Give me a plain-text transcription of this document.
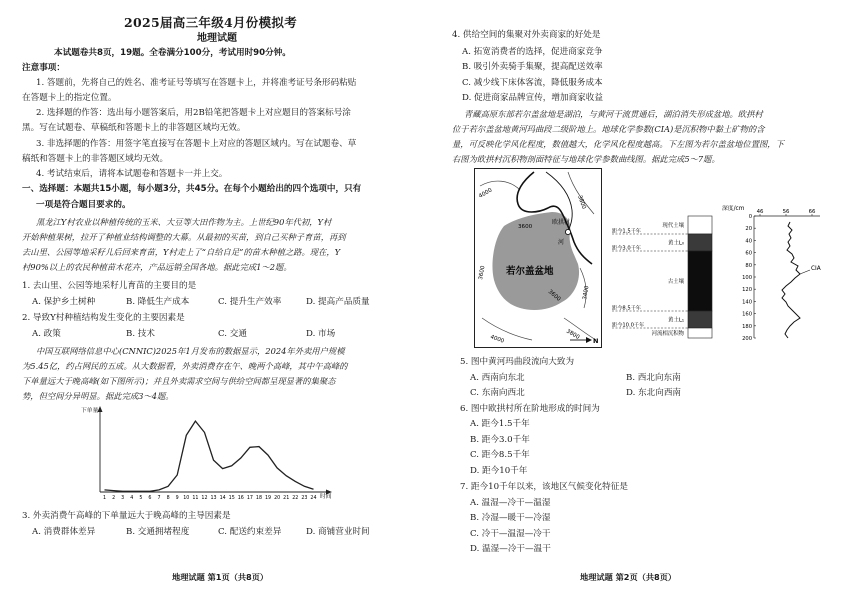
2025届高三年级4月份模拟考
地理试题
本试题卷共8页，19题。全卷满分100分，考试用时90分钟。
注意事项：
1. 答题前，先将自己的姓名、准考证号等填写在答题卡上，并将准考证号条形码粘贴
在答题卡上的指定位置。
2. 选择题的作答：选出每小题答案后，用2B铅笔把答题卡上对应题目的答案标号涂
黑。写在试题卷、草稿纸和答题卡上的非答题区域均无效。
3. 非选择题的作答：用签字笔直接写在答题卡上对应的答题区域内。写在试题卷、草
稿纸和答题卡上的非答题区域均无效。
4. 考试结束后，请将本试题卷和答题卡一并上交。
一、选择题：本题共15小题，每小题3分，共45分。在每个小题给出的四个选项中，只有
一项是符合题目要求的。
黑龙江Y村农业以种植传统的玉米、大豆等大田作物为主。上世纪90年代初，Y村
开始种植果树，拉开了种植业结构调整的大幕。从最初的买苗，到自己买种子育苗，再到
去山里、公园等地采籽儿后回来育苗，Y村走上了“自给自足”的苗木种植之路。现在，Y
村90%以上的农民种植苗木花卉，产品远销全国各地。据此完成1～2题。
1. 去山里、公园等地采籽儿育苗的主要目的是
A. 保护乡土树种	B. 降低生产成本	C. 提升生产效率	D. 提高产品质量
2. 导致Y村种植结构发生变化的主要因素是
A. 政策	B. 技术	C. 交通	D. 市场
中国互联网络信息中心(CNNIC)2025年1月发布的数据显示，2024年外卖用户规模
为5.45亿，约占网民的五成。从大数据看，外卖消费存在午、晚两个高峰，其中午高峰的
下单量远大于晚高峰(如下图所示)；并且外卖需求空间与供给空间都呈现显著的集聚态
势，但空间分异明显。据此完成3～4题。
下单量
时间
1 2 3 4 5 6 7 8 9 10 11 12 13 14 15 16 17 18 19 20 21 22 23 24
3. 外卖消费午高峰的下单量远大于晚高峰的主导因素是
A. 消费群体差异	B. 交通拥堵程度	C. 配送约束差异	D. 商铺营业时间
地理试题 第1页（共8页）
4. 供给空间的集聚对外卖商家的好处是
A. 拓宽消费者的选择，促进商家竞争
B. 吸引外卖骑手集聚，提高配送效率
C. 减少线下床体客流，降低服务成本
D. 促进商家品牌宣传，增加商家收益
青藏高原东部若尔盖盆地是湖泊，与黄河干流贯通后，湖泊消失形成盆地。欧拱村
位于若尔盖盆地黄河玛曲段二级阶地上。地球化学参数(CIA)是沉积物中黏土矿物的含
量，可反映化学风化程度，数值越大，化学风化程度越高。下左图为若尔盖盆地位置图，下
右图为欧拱村沉积物剖面特征与地球化学参数曲线图。据此完成5～7题。
欧拱村
3600
河
4000
3800
3600
3600	3400
4000	3800
若尔盖盆地
N
深度/cm 46	56	66
0
20
40
60
80
100
120
140
160
180
200
现代土壤
黄土L₀
古土壤
黄土L₁
河流相沉积物
距今1.5千年
距今3.0千年
距今8.5千年
距今10.0千年
CIA
5. 图中黄河玛曲段流向大致为
A. 西南向东北	B. 西北向东南
C. 东南向西北	D. 东北向西南
6. 图中欧拱村所在阶地形成的时间为
A. 距今1.5千年
B. 距今3.0千年
C. 距今8.5千年
D. 距今10千年
7. 距今10千年以来，该地区气候变化特征是
A. 温湿—冷干—温湿
B. 冷湿—暖干—冷湿
C. 冷干—温湿—冷干
D. 温湿—冷干—温干
地理试题 第2页（共8页）
